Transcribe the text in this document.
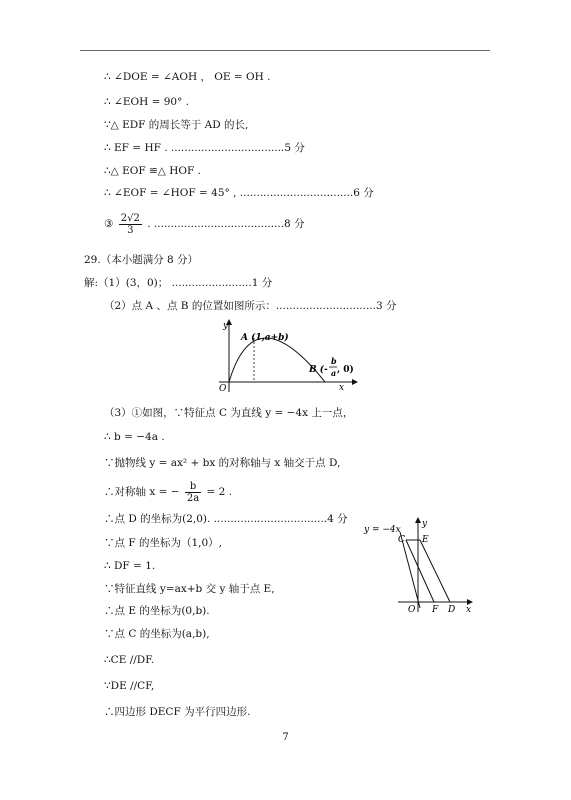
∴ ∠DOE = ∠AOH ， OE = OH .
∴ ∠EOH = 90° .
∵△ EDF 的周长等于 AD 的长,
∴ EF = HF . ..................................5 分
∴△ EOF ≌△ HOF .
∴ ∠EOF = ∠HOF = 45° , ..................................6 分
③ $\frac{2√2}{3}$ . .......................................8 分
29.（本小题满分 8 分）
解:（1）(3，0)； ........................1 分
（2）点 A 、点 B 的位置如图所示：..............................3 分
y
x
O
A (1,a+b)
B (-
b
a , 0)
（3）①如图，∵特征点 C 为直线 y = −4x 上一点，
∴ b = −4a .
∵抛物线 y = ax² + bx 的对称轴与 x 轴交于点 D,
∴对称轴 x = − $\frac{b}{2a} = 2$ .
∴点 D 的坐标为(2,0). ..................................4 分
∵点 F 的坐标为（1,0）,
∴ DF = 1.
∵特征直线 y=ax+b 交 y 轴于点 E,
∴点 E 的坐标为(0,b).
∵点 C 的坐标为(a,b),
∴CE //DF.
∵DE //CF,
∴四边形 DECF 为平行四边形.
y = −4x
y
x
O
C E
F D
7
